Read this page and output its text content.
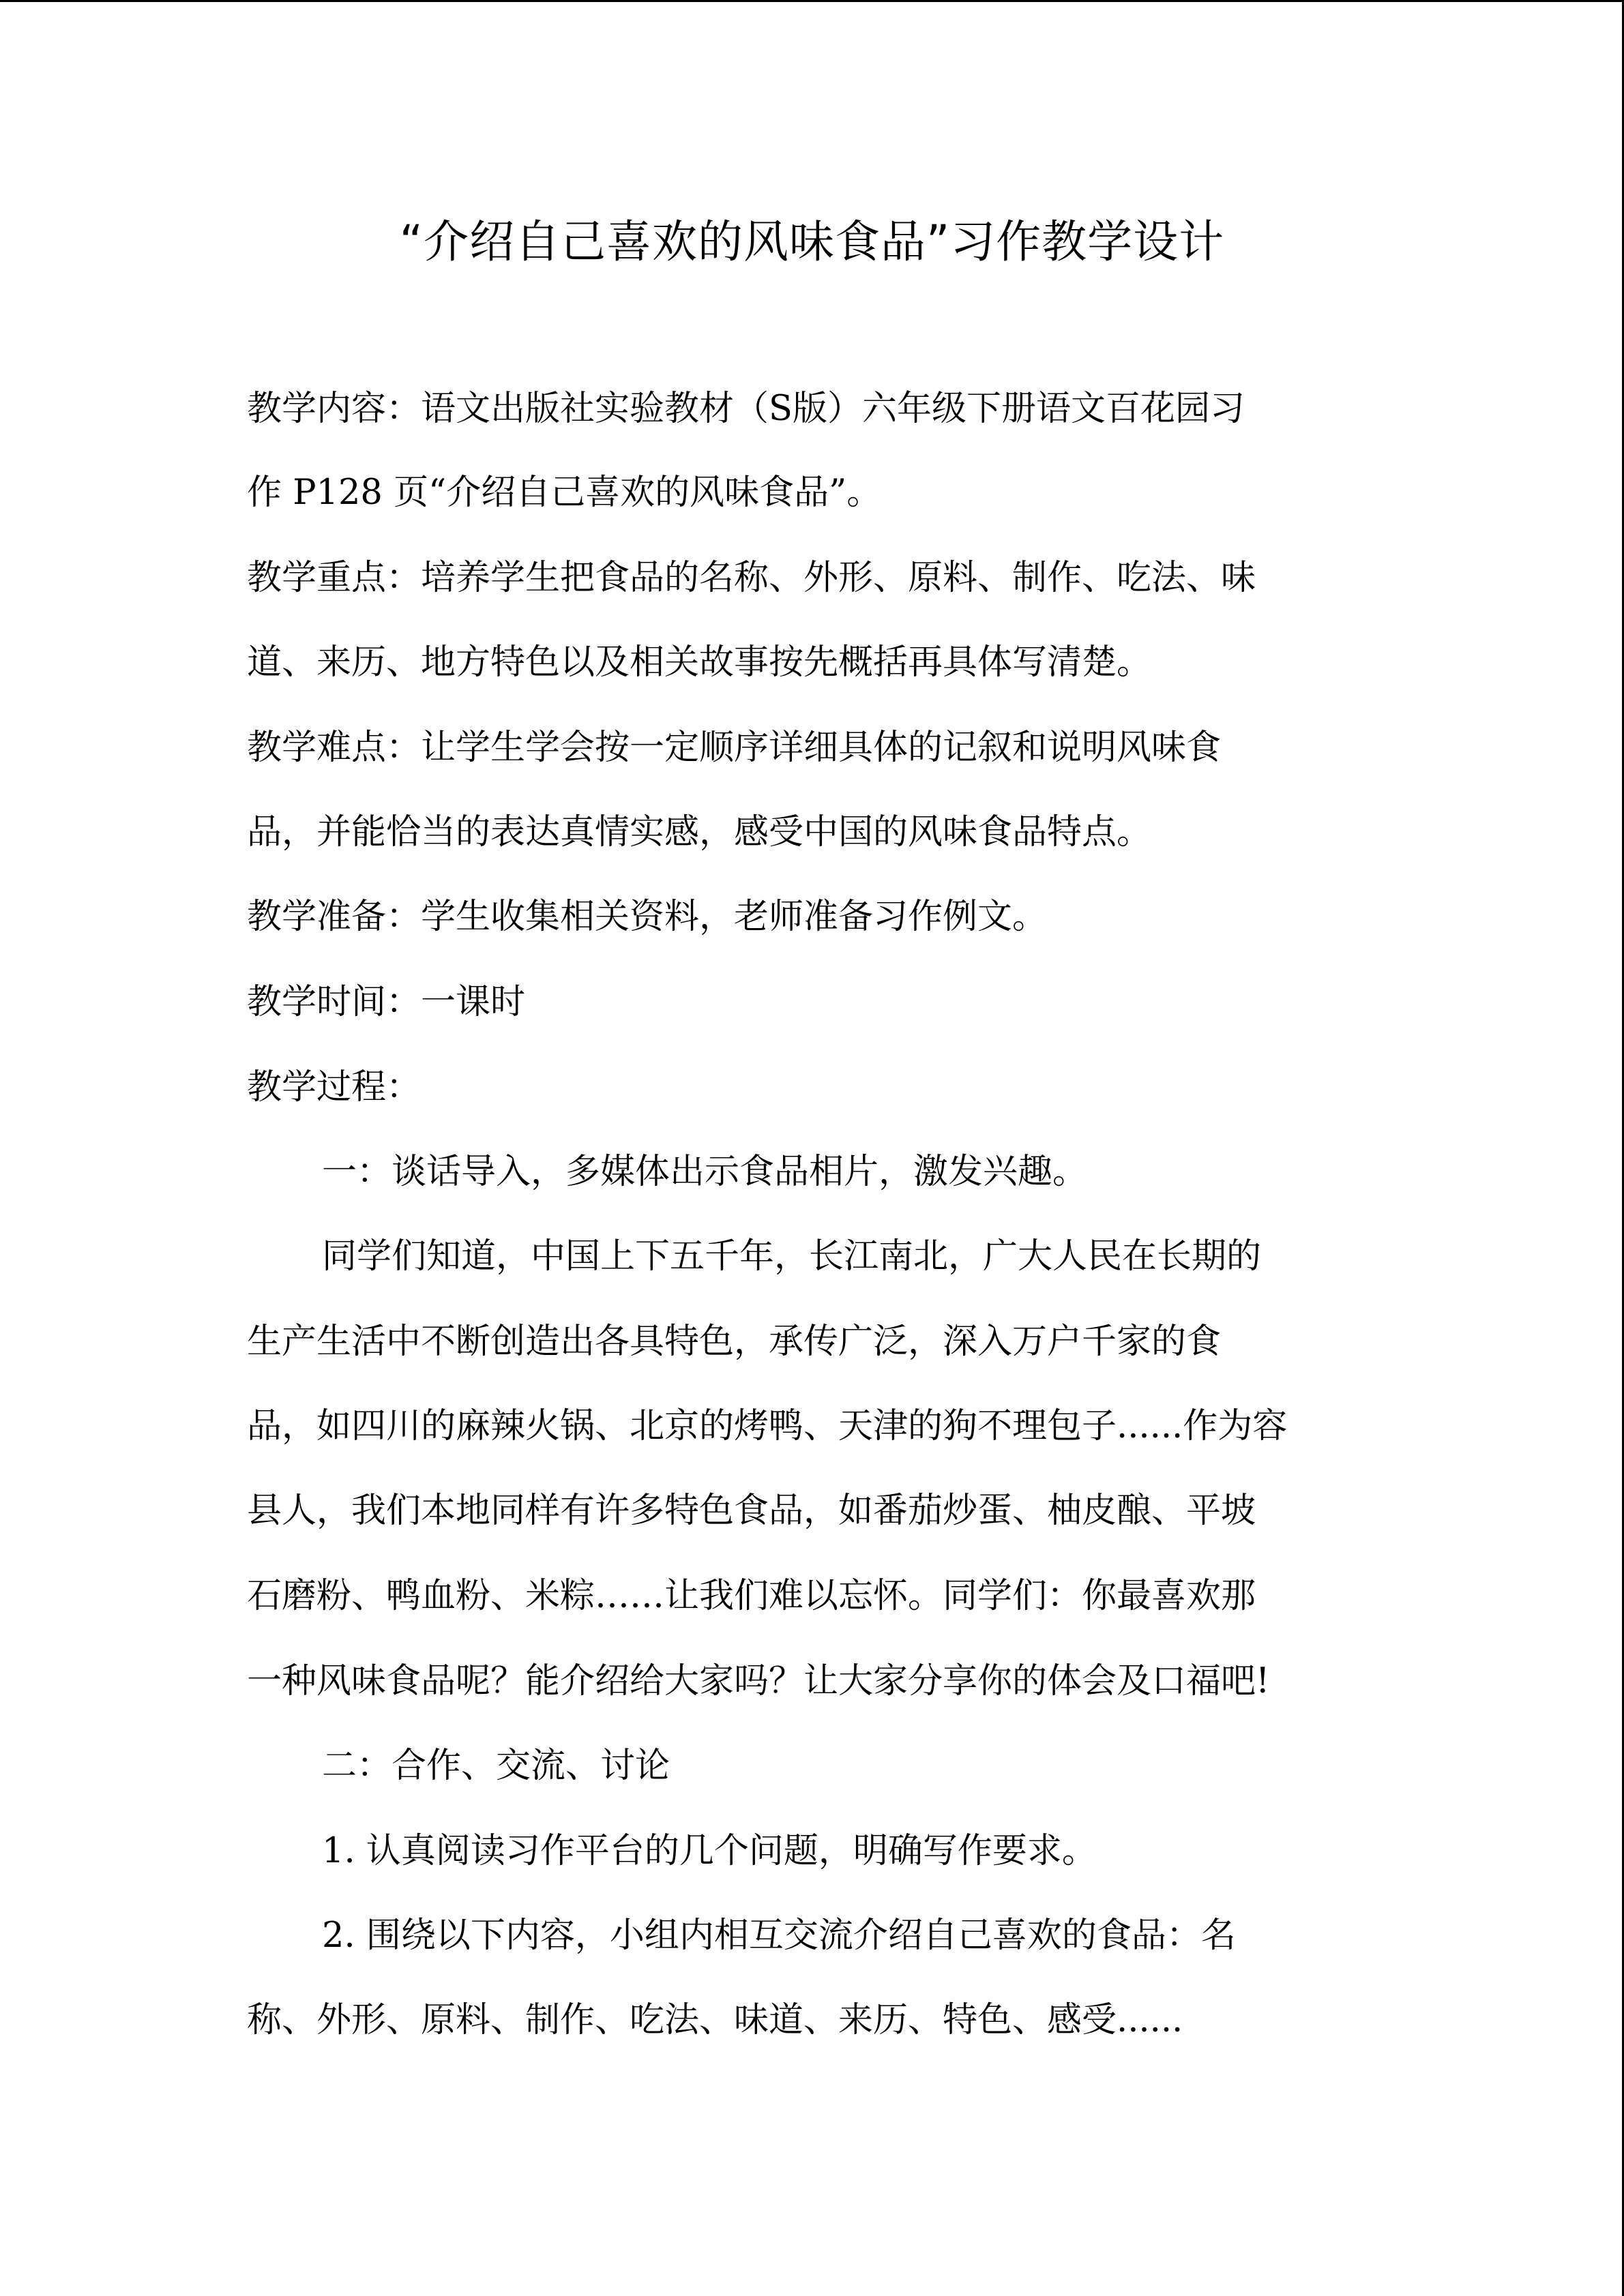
“介绍自己喜欢的风味食品”习作教学设计
教学内容：语文出版社实验教材（S版）六年级下册语文百花园习
作 P128 页“介绍自己喜欢的风味食品”。
教学重点：培养学生把食品的名称、外形、原料、制作、吃法、味
道、来历、地方特色以及相关故事按先概括再具体写清楚。
教学难点：让学生学会按一定顺序详细具体的记叙和说明风味食
品，并能恰当的表达真情实感，感受中国的风味食品特点。
教学准备：学生收集相关资料，老师准备习作例文。
教学时间：一课时
教学过程：
一：谈话导入，多媒体出示食品相片，激发兴趣。
同学们知道，中国上下五千年，长江南北，广大人民在长期的
生产生活中不断创造出各具特色，承传广泛，深入万户千家的食
品，如四川的麻辣火锅、北京的烤鸭、天津的狗不理包子......作为容
县人，我们本地同样有许多特色食品，如番茄炒蛋、柚皮酿、平坡
石磨粉、鸭血粉、米粽……让我们难以忘怀。同学们：你最喜欢那
一种风味食品呢？能介绍给大家吗？让大家分享你的体会及口福吧!
二：合作、交流、讨论
1. 认真阅读习作平台的几个问题，明确写作要求。
2. 围绕以下内容，小组内相互交流介绍自己喜欢的食品：名
称、外形、原料、制作、吃法、味道、来历、特色、感受......
